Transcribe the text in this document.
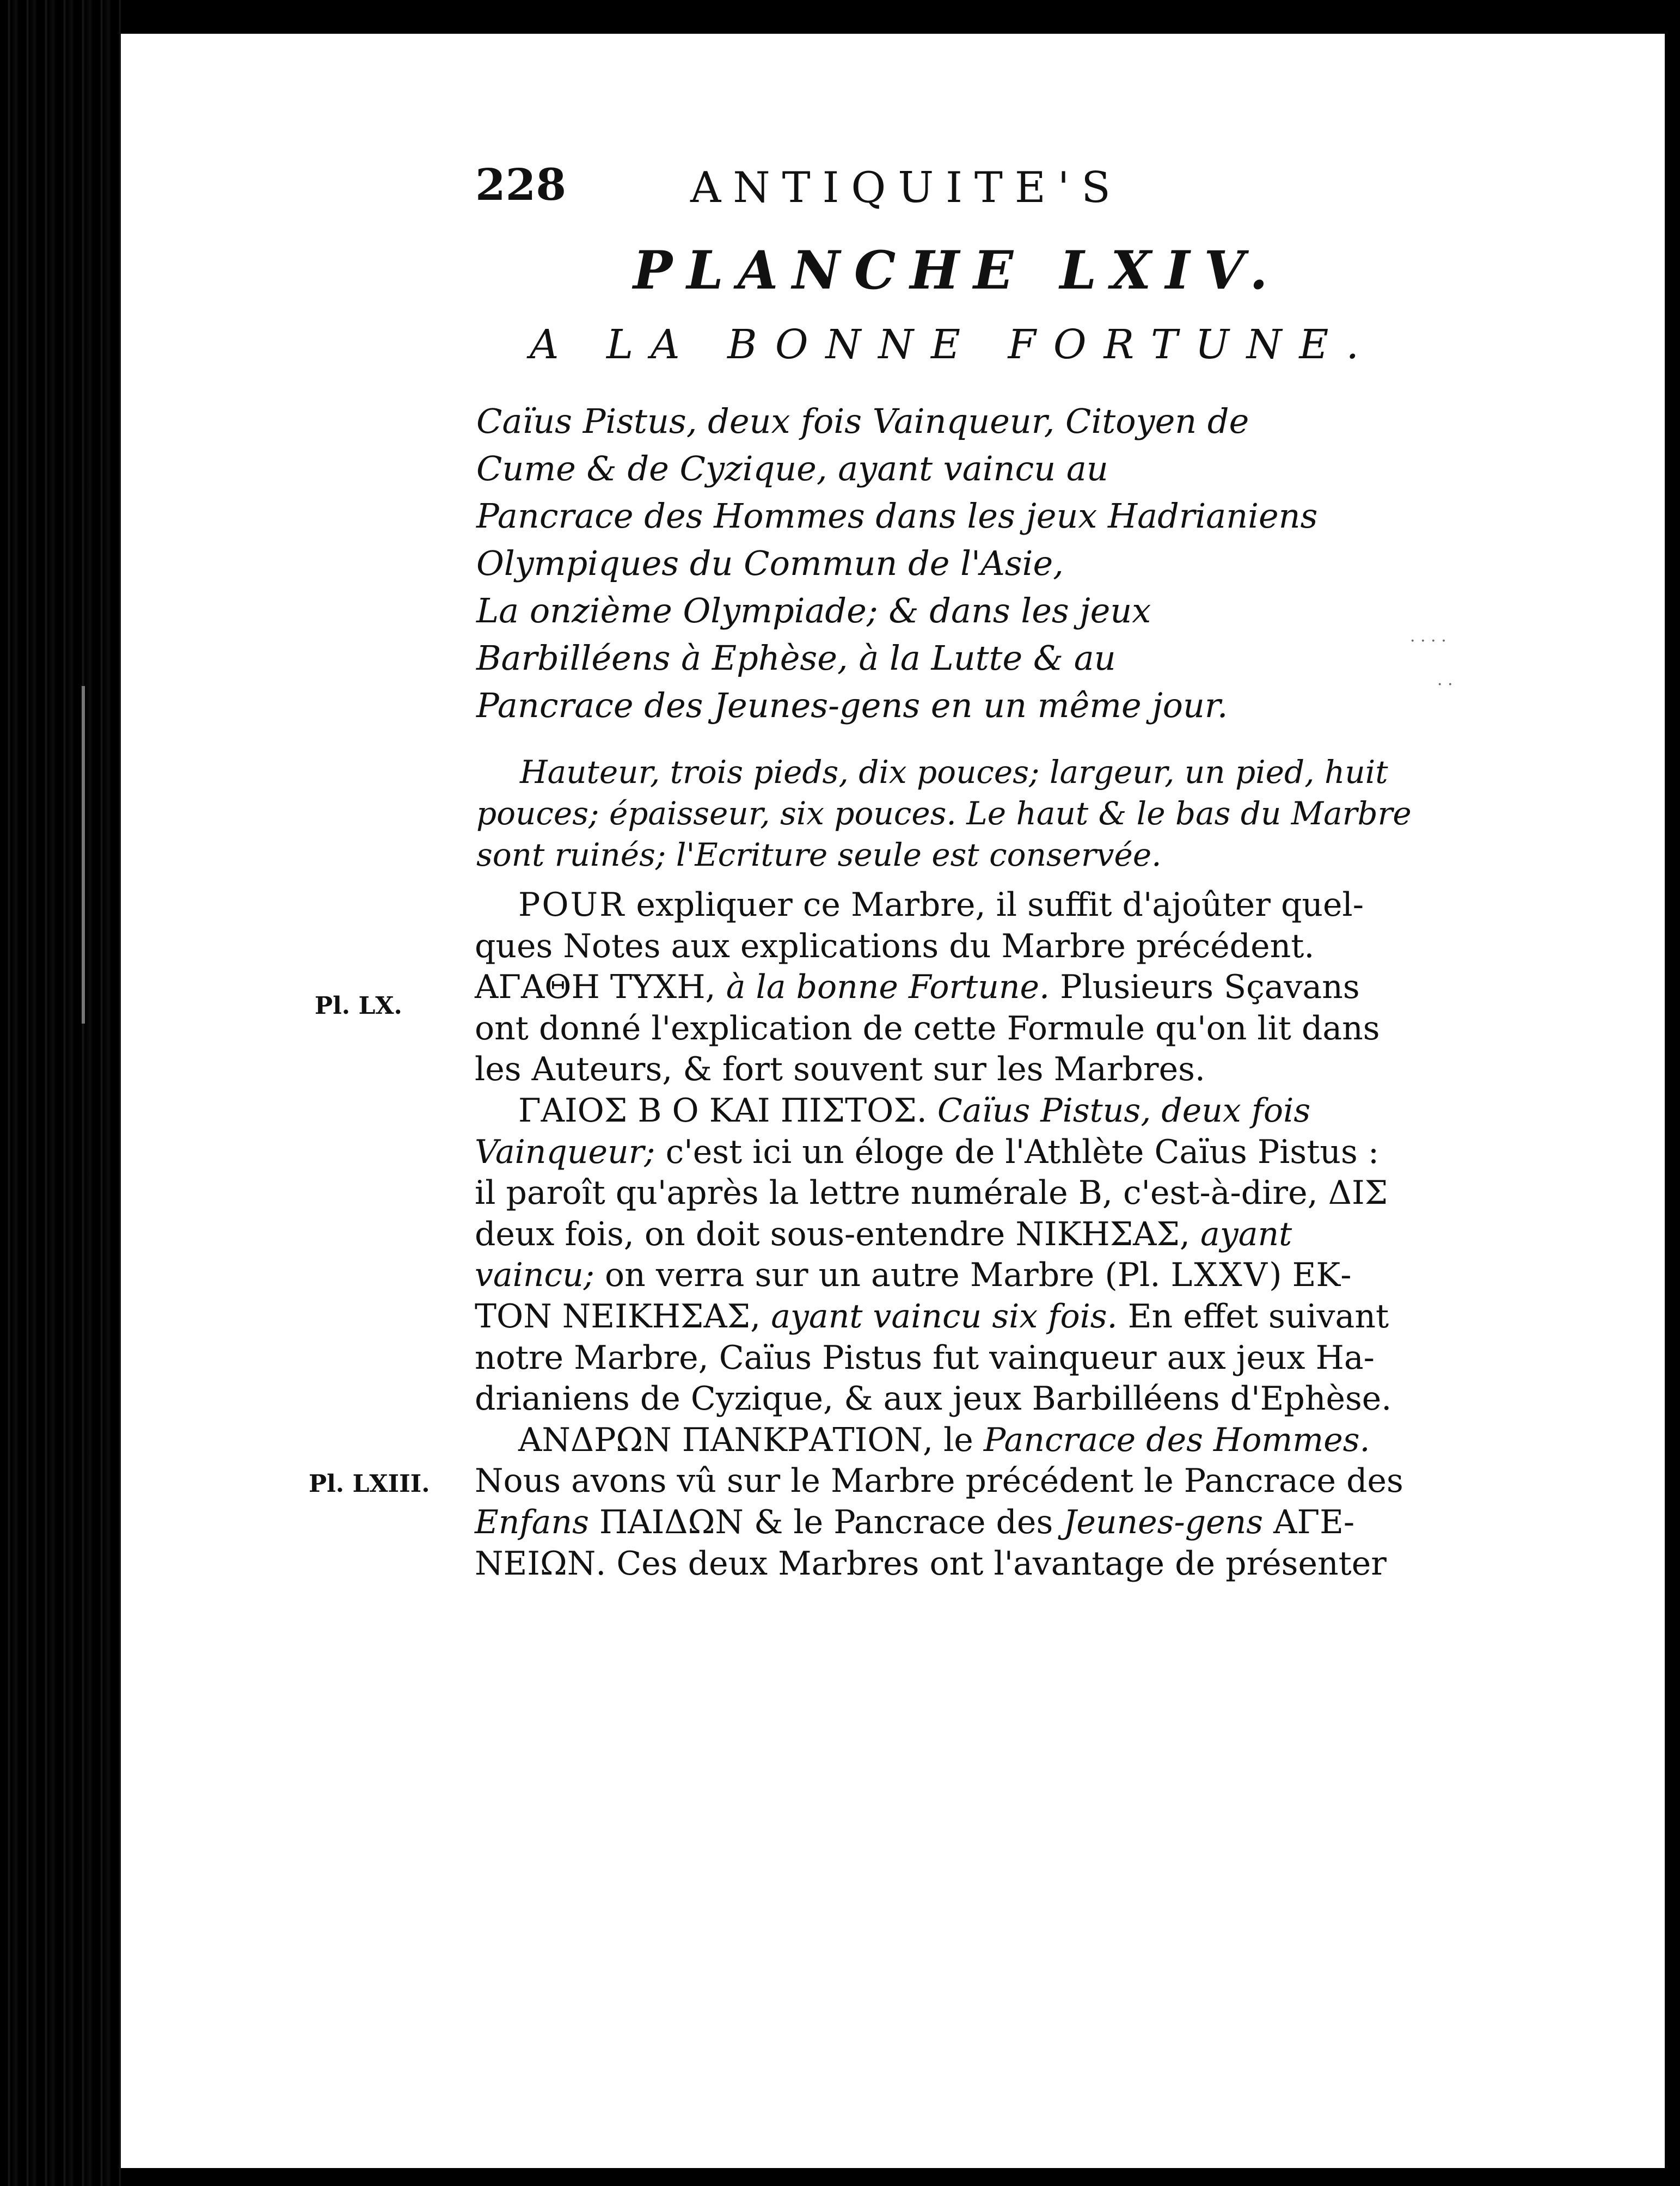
228	ANTIQUITE'S
PLANCHE LXIV.
A LA BONNE FORTUNE.
Caïus Pistus, deux fois Vainqueur, Citoyen de
Cume & de Cyzique, ayant vaincu au
Pancrace des Hommes dans les jeux Hadrianiens
Olympiques du Commun de l'Asie,
La onzième Olympiade; & dans les jeux
Barbilléens à Ephèse, à la Lutte & au
Pancrace des Jeunes-gens en un même jour.
Hauteur, trois pieds, dix pouces; largeur, un pied, huit
pouces; épaisseur, six pouces. Le haut & le bas du Marbre
sont ruinés; l'Ecriture seule est conservée.
Pl. LX.
Pl. LXIII.
· · · ·
· ·
POUR expliquer ce Marbre, il suffit d'ajoûter quel-
ques Notes aux explications du Marbre précédent.
ΑΓΑΘΗ ΤΥΧΗ, à la bonne Fortune. Plusieurs Sçavans
ont donné l'explication de cette Formule qu'on lit dans
les Auteurs, & fort souvent sur les Marbres.
ΓΑΙΟΣ Β Ο ΚΑΙ ΠΙΣΤΟΣ. Caïus Pistus, deux fois
Vainqueur; c'est ici un éloge de l'Athlète Caïus Pistus :
il paroît qu'après la lettre numérale Β, c'est-à-dire, ΔΙΣ
deux fois, on doit sous-entendre ΝΙΚΗΣΑΣ, ayant
vaincu; on verra sur un autre Marbre (Pl. LXXV) ΕΚ-
ΤΟΝ ΝΕΙΚΗΣΑΣ, ayant vaincu six fois. En effet suivant
notre Marbre, Caïus Pistus fut vainqueur aux jeux Ha-
drianiens de Cyzique, & aux jeux Barbilléens d'Ephèse.
ΑΝΔΡΩΝ ΠΑΝΚΡΑΤΙΟΝ, le Pancrace des Hommes.
Nous avons vû sur le Marbre précédent le Pancrace des
Enfans ΠΑΙΔΩΝ & le Pancrace des Jeunes-gens ΑΓΕ-
ΝΕΙΩΝ. Ces deux Marbres ont l'avantage de présenter
